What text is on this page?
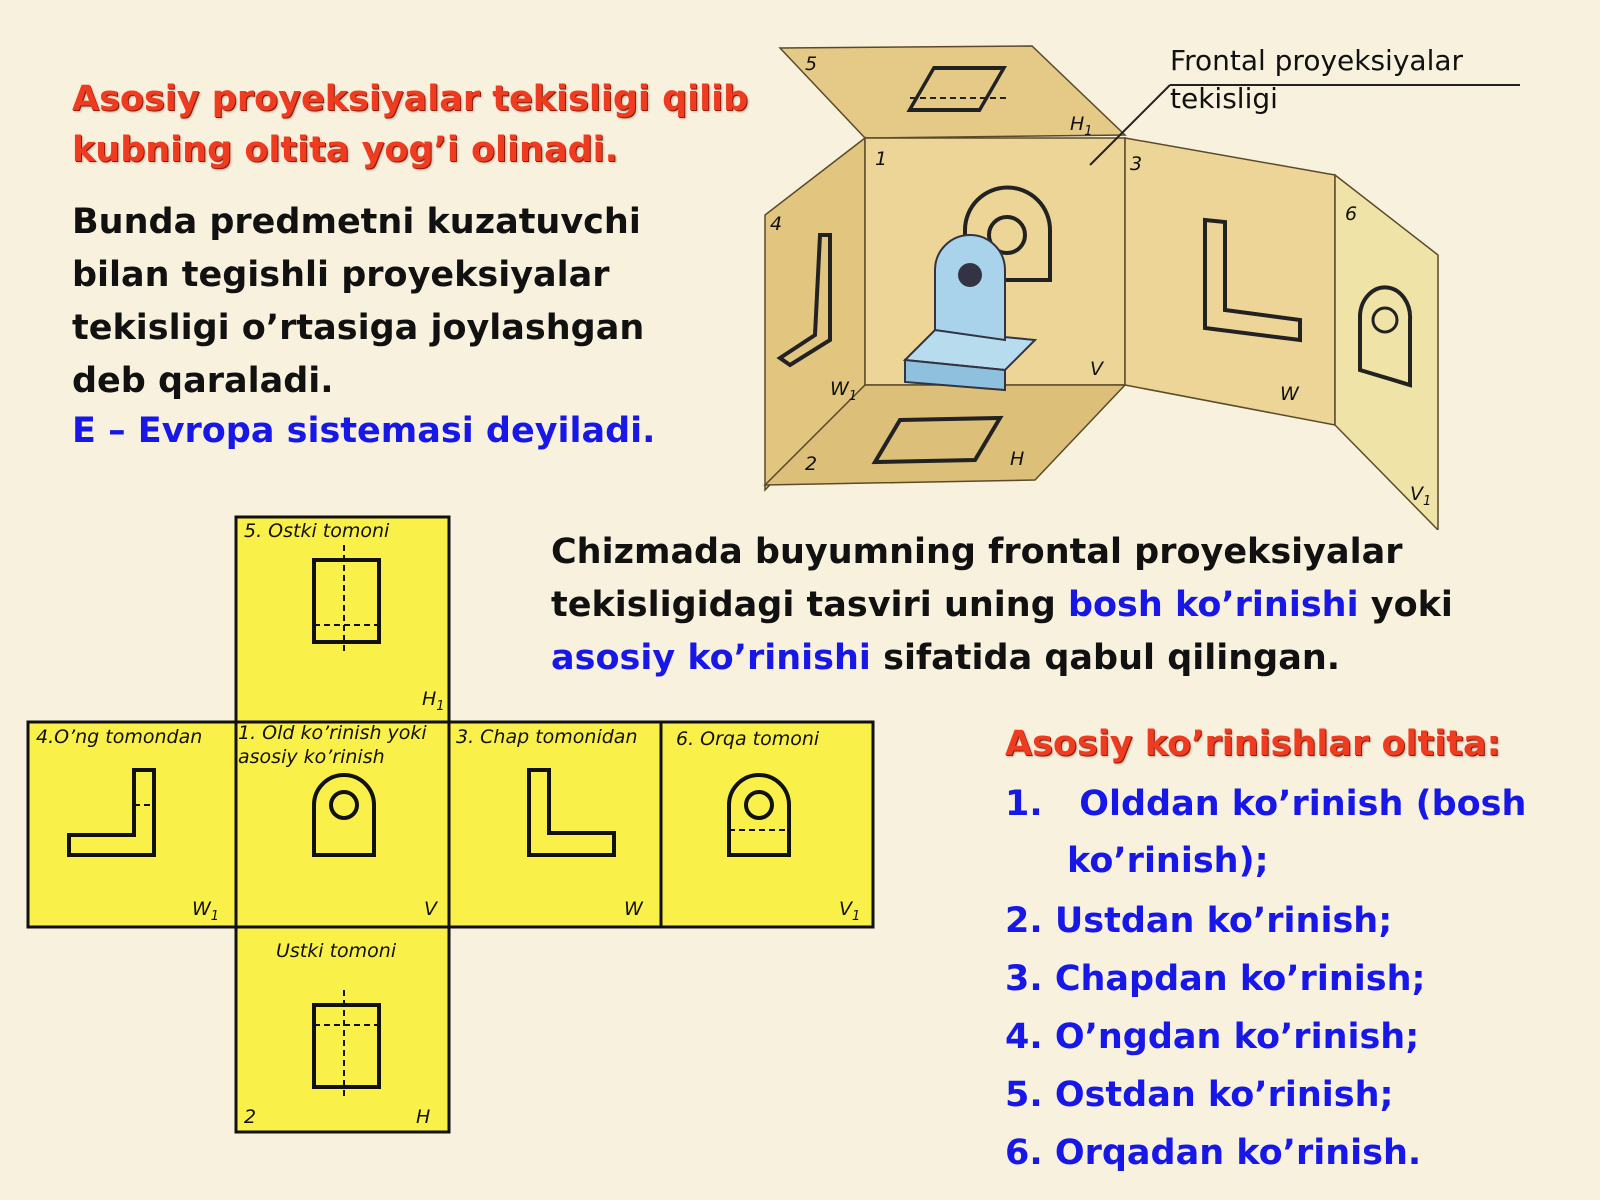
Asosiy proyeksiyalar tekisligi qilib
kubning oltita yog’i olinadi.
Bunda predmetni kuzatuvchi
bilan tegishli proyeksiyalar
tekisligi o’rtasiga joylashgan
deb qaraladi.
E – Evropa sistemasi deyiladi.
Frontal proyeksiyalar
tekisligi
5
1	3
6
4
2
V
W
$W_1$
H
$H_1$
$V_1$
Chizmada buyumning frontal proyeksiyalar
tekisligidagi tasviri uning bosh ko’rinishi yoki
asosiy ko’rinishi sifatida qabul qilingan.
5. Ostki tomoni
$H_1$
4.O’ng tomondan
$W_1$
1. Old ko’rinish yoki
asosiy ko’rinish
V
3. Chap tomonidan
W
6. Orqa tomoni
$V_1$
Ustki tomoni
2	H
Asosiy ko’rinishlar oltita:
1. Olddan ko’rinish (bosh
ko’rinish);
2. Ustdan ko’rinish;
3. Chapdan ko’rinish;
4. O’ngdan ko’rinish;
5. Ostdan ko’rinish;
6. Orqadan ko’rinish.
